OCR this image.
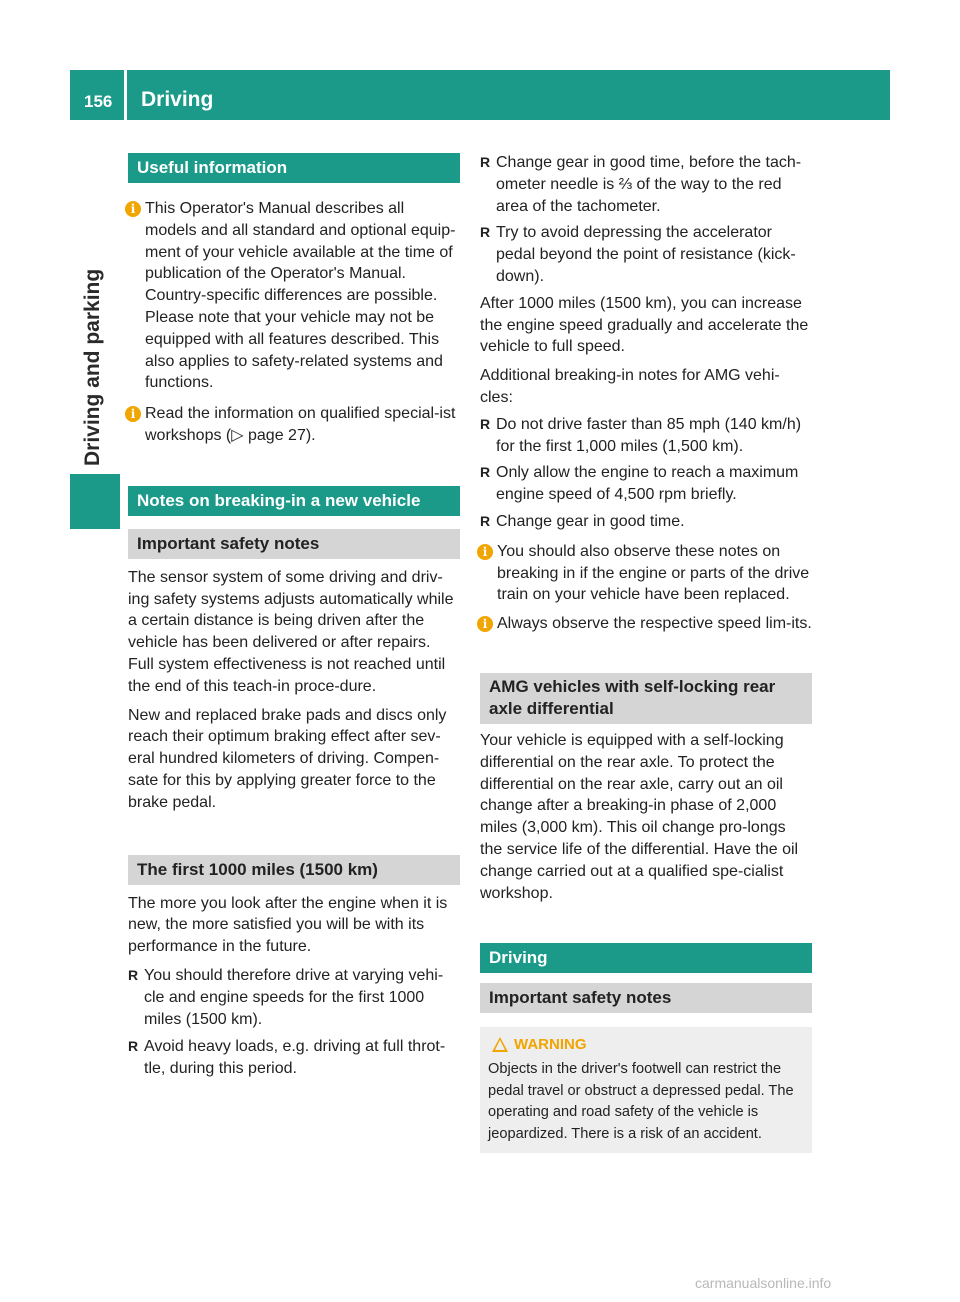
156 Driving
Driving and parking
Useful information
i This Operator's Manual describes all models and all standard and optional equip-ment of your vehicle available at the time of publication of the Operator's Manual. Country-specific differences are possible. Please note that your vehicle may not be equipped with all features described. This also applies to safety-related systems and functions.
i Read the information on qualified special-ist workshops (▷ page 27).
Notes on breaking-in a new vehicle
Important safety notes

The sensor system of some driving and driv-ing safety systems adjusts automatically while a certain distance is being driven after the vehicle has been delivered or after repairs. Full system effectiveness is not reached until the end of this teach-in proce-dure.

New and replaced brake pads and discs only reach their optimum braking effect after sev-eral hundred kilometers of driving. Compen-sate for this by applying greater force to the brake pedal.

The first 1000 miles (1500 km)

The more you look after the engine when it is new, the more satisfied you will be with its performance in the future.

R You should therefore drive at varying vehi-cle and engine speeds for the first 1000 miles (1500 km).
R Avoid heavy loads, e.g. driving at full throt-tle, during this period.
R Change gear in good time, before the tach-ometer needle is ⅔ of the way to the red area of the tachometer.
R Try to avoid depressing the accelerator pedal beyond the point of resistance (kick-down).

After 1000 miles (1500 km), you can increase the engine speed gradually and accelerate the vehicle to full speed.

Additional breaking-in notes for AMG vehi-cles:

R Do not drive faster than 85 mph (140 km/h) for the first 1,000 miles (1,500 km).
R Only allow the engine to reach a maximum engine speed of 4,500 rpm briefly.
R Change gear in good time.
i You should also observe these notes on breaking in if the engine or parts of the drive train on your vehicle have been replaced.
i Always observe the respective speed lim-its.
AMG vehicles with self-locking rear axle differential

Your vehicle is equipped with a self-locking differential on the rear axle. To protect the differential on the rear axle, carry out an oil change after a breaking-in phase of 2,000 miles (3,000 km). This oil change pro-longs the service life of the differential. Have the oil change carried out at a qualified spe-cialist workshop.

Driving
Important safety notes
WARNING
Objects in the driver's footwell can restrict the pedal travel or obstruct a depressed pedal. The operating and road safety of the vehicle is jeopardized. There is a risk of an accident.
carmanualsonline.info
